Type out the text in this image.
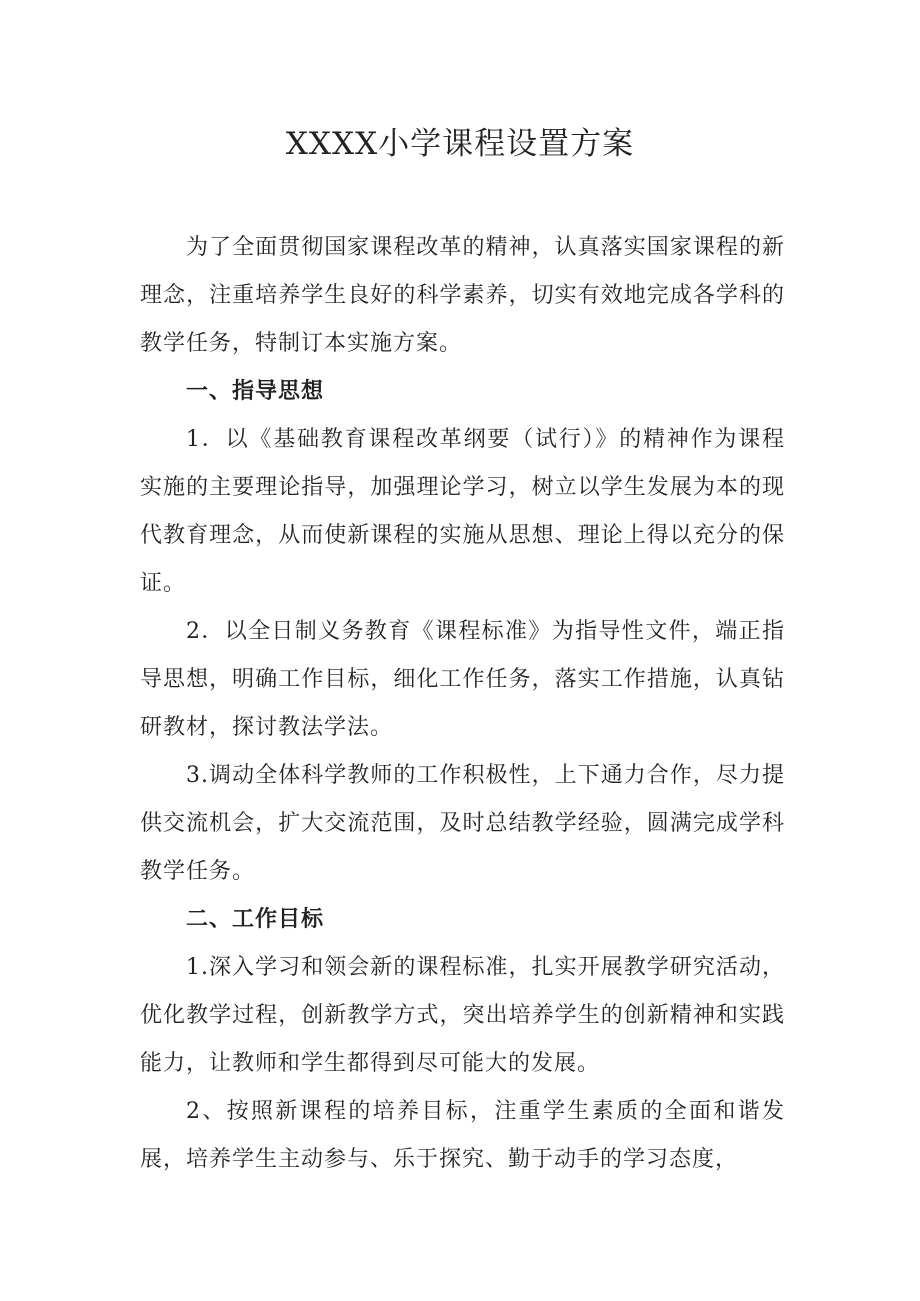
XXXX小学课程设置方案

为了全面贯彻国家课程改革的精神，认真落实国家课程的新理念，注重培养学生良好的科学素养，切实有效地完成各学科的教学任务，特制订本实施方案。

一、指导思想

1．以《基础教育课程改革纲要（试行）》的精神作为课程实施的主要理论指导，加强理论学习，树立以学生发展为本的现代教育理念，从而使新课程的实施从思想、理论上得以充分的保证。

2．以全日制义务教育《课程标准》为指导性文件，端正指导思想，明确工作目标，细化工作任务，落实工作措施，认真钻研教材，探讨教法学法。

3.调动全体科学教师的工作积极性，上下通力合作，尽力提供交流机会，扩大交流范围，及时总结教学经验，圆满完成学科教学任务。

二、工作目标

1.深入学习和领会新的课程标准，扎实开展教学研究活动，优化教学过程，创新教学方式，突出培养学生的创新精神和实践能力，让教师和学生都得到尽可能大的发展。

2、按照新课程的培养目标，注重学生素质的全面和谐发展，培养学生主动参与、乐于探究、勤于动手的学习态度，
